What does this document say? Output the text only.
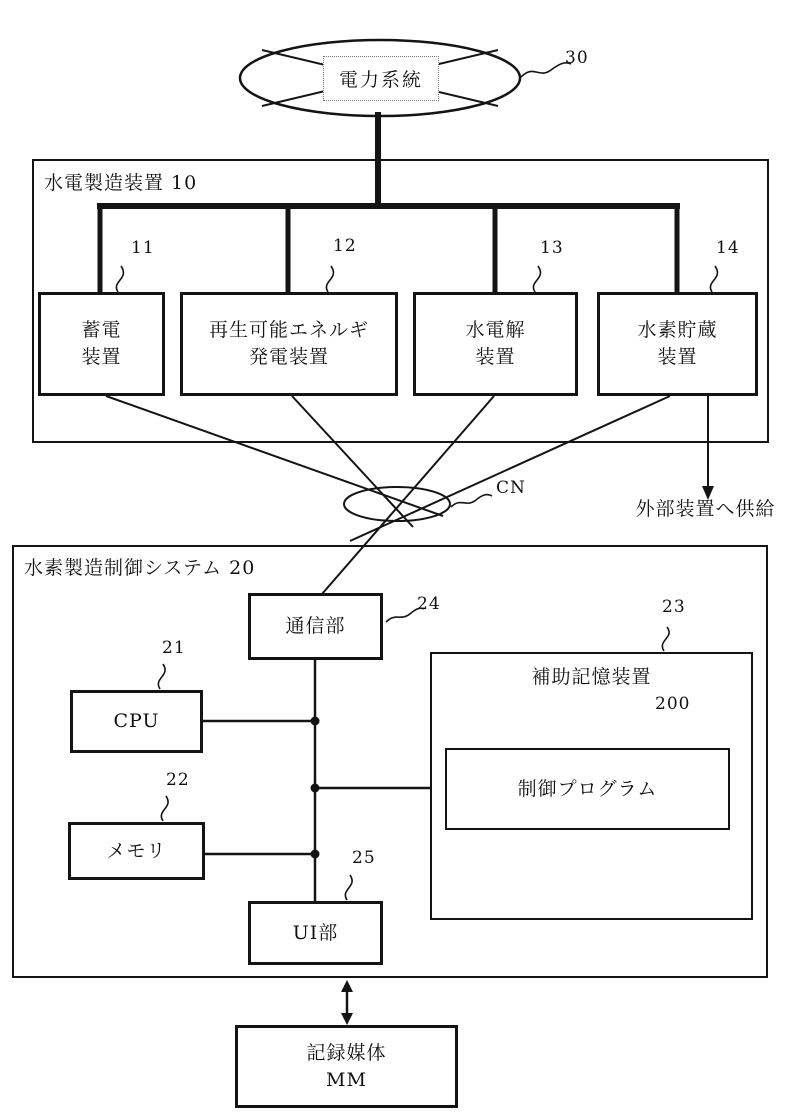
電力系統
30
水電製造装置 10
11	12	13	14
蓄電
装置
再生可能エネルギ
発電装置
水電解
装置
水素貯蔵
装置
CN
外部装置へ供給
水素製造制御システム 20
24
通信部
21
CPU
22
メモリ
23
補助記憶装置
200
制御プログラム
25
UI部
記録媒体
MM
